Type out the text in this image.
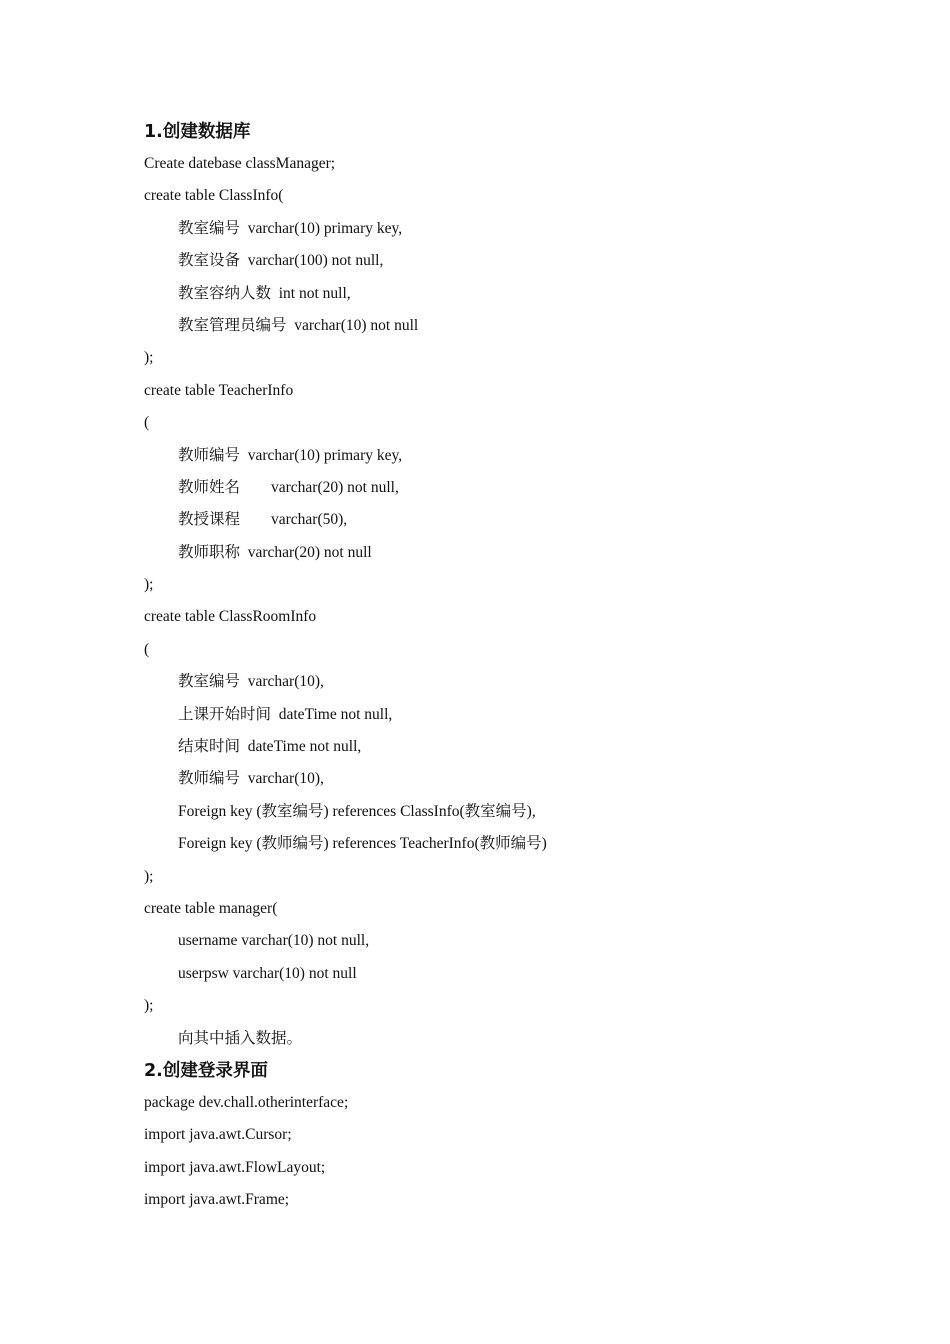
1.创建数据库
Create datebase classManager;
create table ClassInfo(
教室编号  varchar(10) primary key,
教室设备  varchar(100) not null,
教室容纳人数  int not null,
教室管理员编号  varchar(10) not null
);
create table TeacherInfo
(
教师编号  varchar(10) primary key,
教师姓名        varchar(20) not null,
教授课程        varchar(50),
教师职称  varchar(20) not null
);
create table ClassRoomInfo
(
教室编号  varchar(10),
上课开始时间  dateTime not null,
结束时间  dateTime not null,
教师编号  varchar(10),
Foreign key (教室编号) references ClassInfo(教室编号),
Foreign key (教师编号) references TeacherInfo(教师编号)
);
create table manager(
username varchar(10) not null,
userpsw varchar(10) not null
);
向其中插入数据。
2.创建登录界面
package dev.chall.otherinterface;
import java.awt.Cursor;
import java.awt.FlowLayout;
import java.awt.Frame;
